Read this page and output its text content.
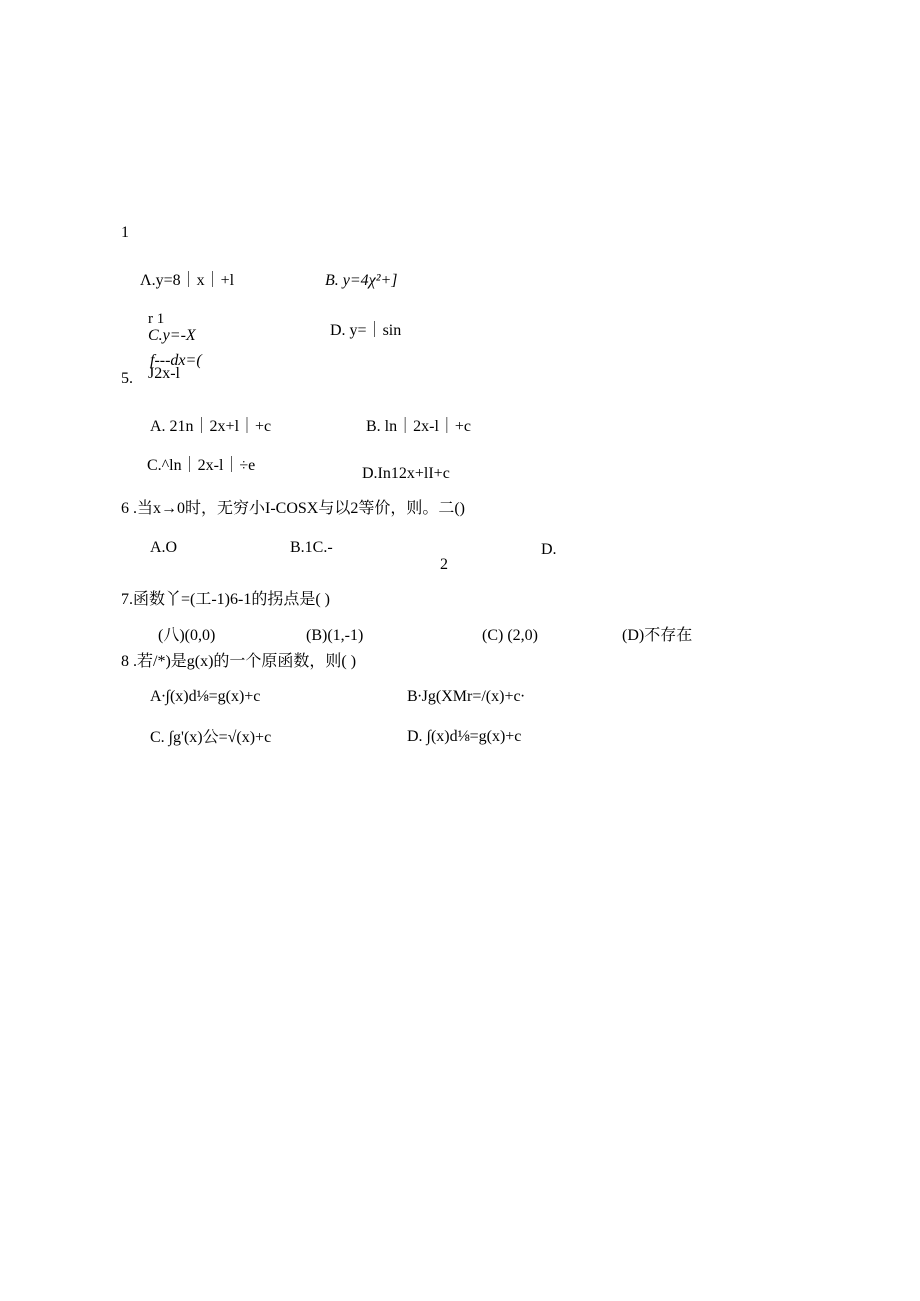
1
Λ.y=8｜x｜+l	B. y=4χ²+]
r 1
C.y=-X	D. y=｜sin
f---dx=(
J2x-l
5.
A. 21n｜2x+l｜+c	B. ln｜2x-l｜+c
C.^ln｜2x-l｜÷e	D.In12x+lI+c
6 .当x→0时，无穷小I-COSX与以2等价，则。二()
A.O	B.1C.-	D.
2
7.函数丫=(工-1)6-1的拐点是( )
(八)(0,0)	(B)(1,-1)	(C) (2,0)	(D)不存在
8 .若/*)是g(x)的一个原函数，则( )
A∙∫(x)d⅛=g(x)+c	B∙Jg(XMr=/(x)+c∙
C. ∫g'(x)公=√(x)+c	D. ∫(x)d⅛=g(x)+c
